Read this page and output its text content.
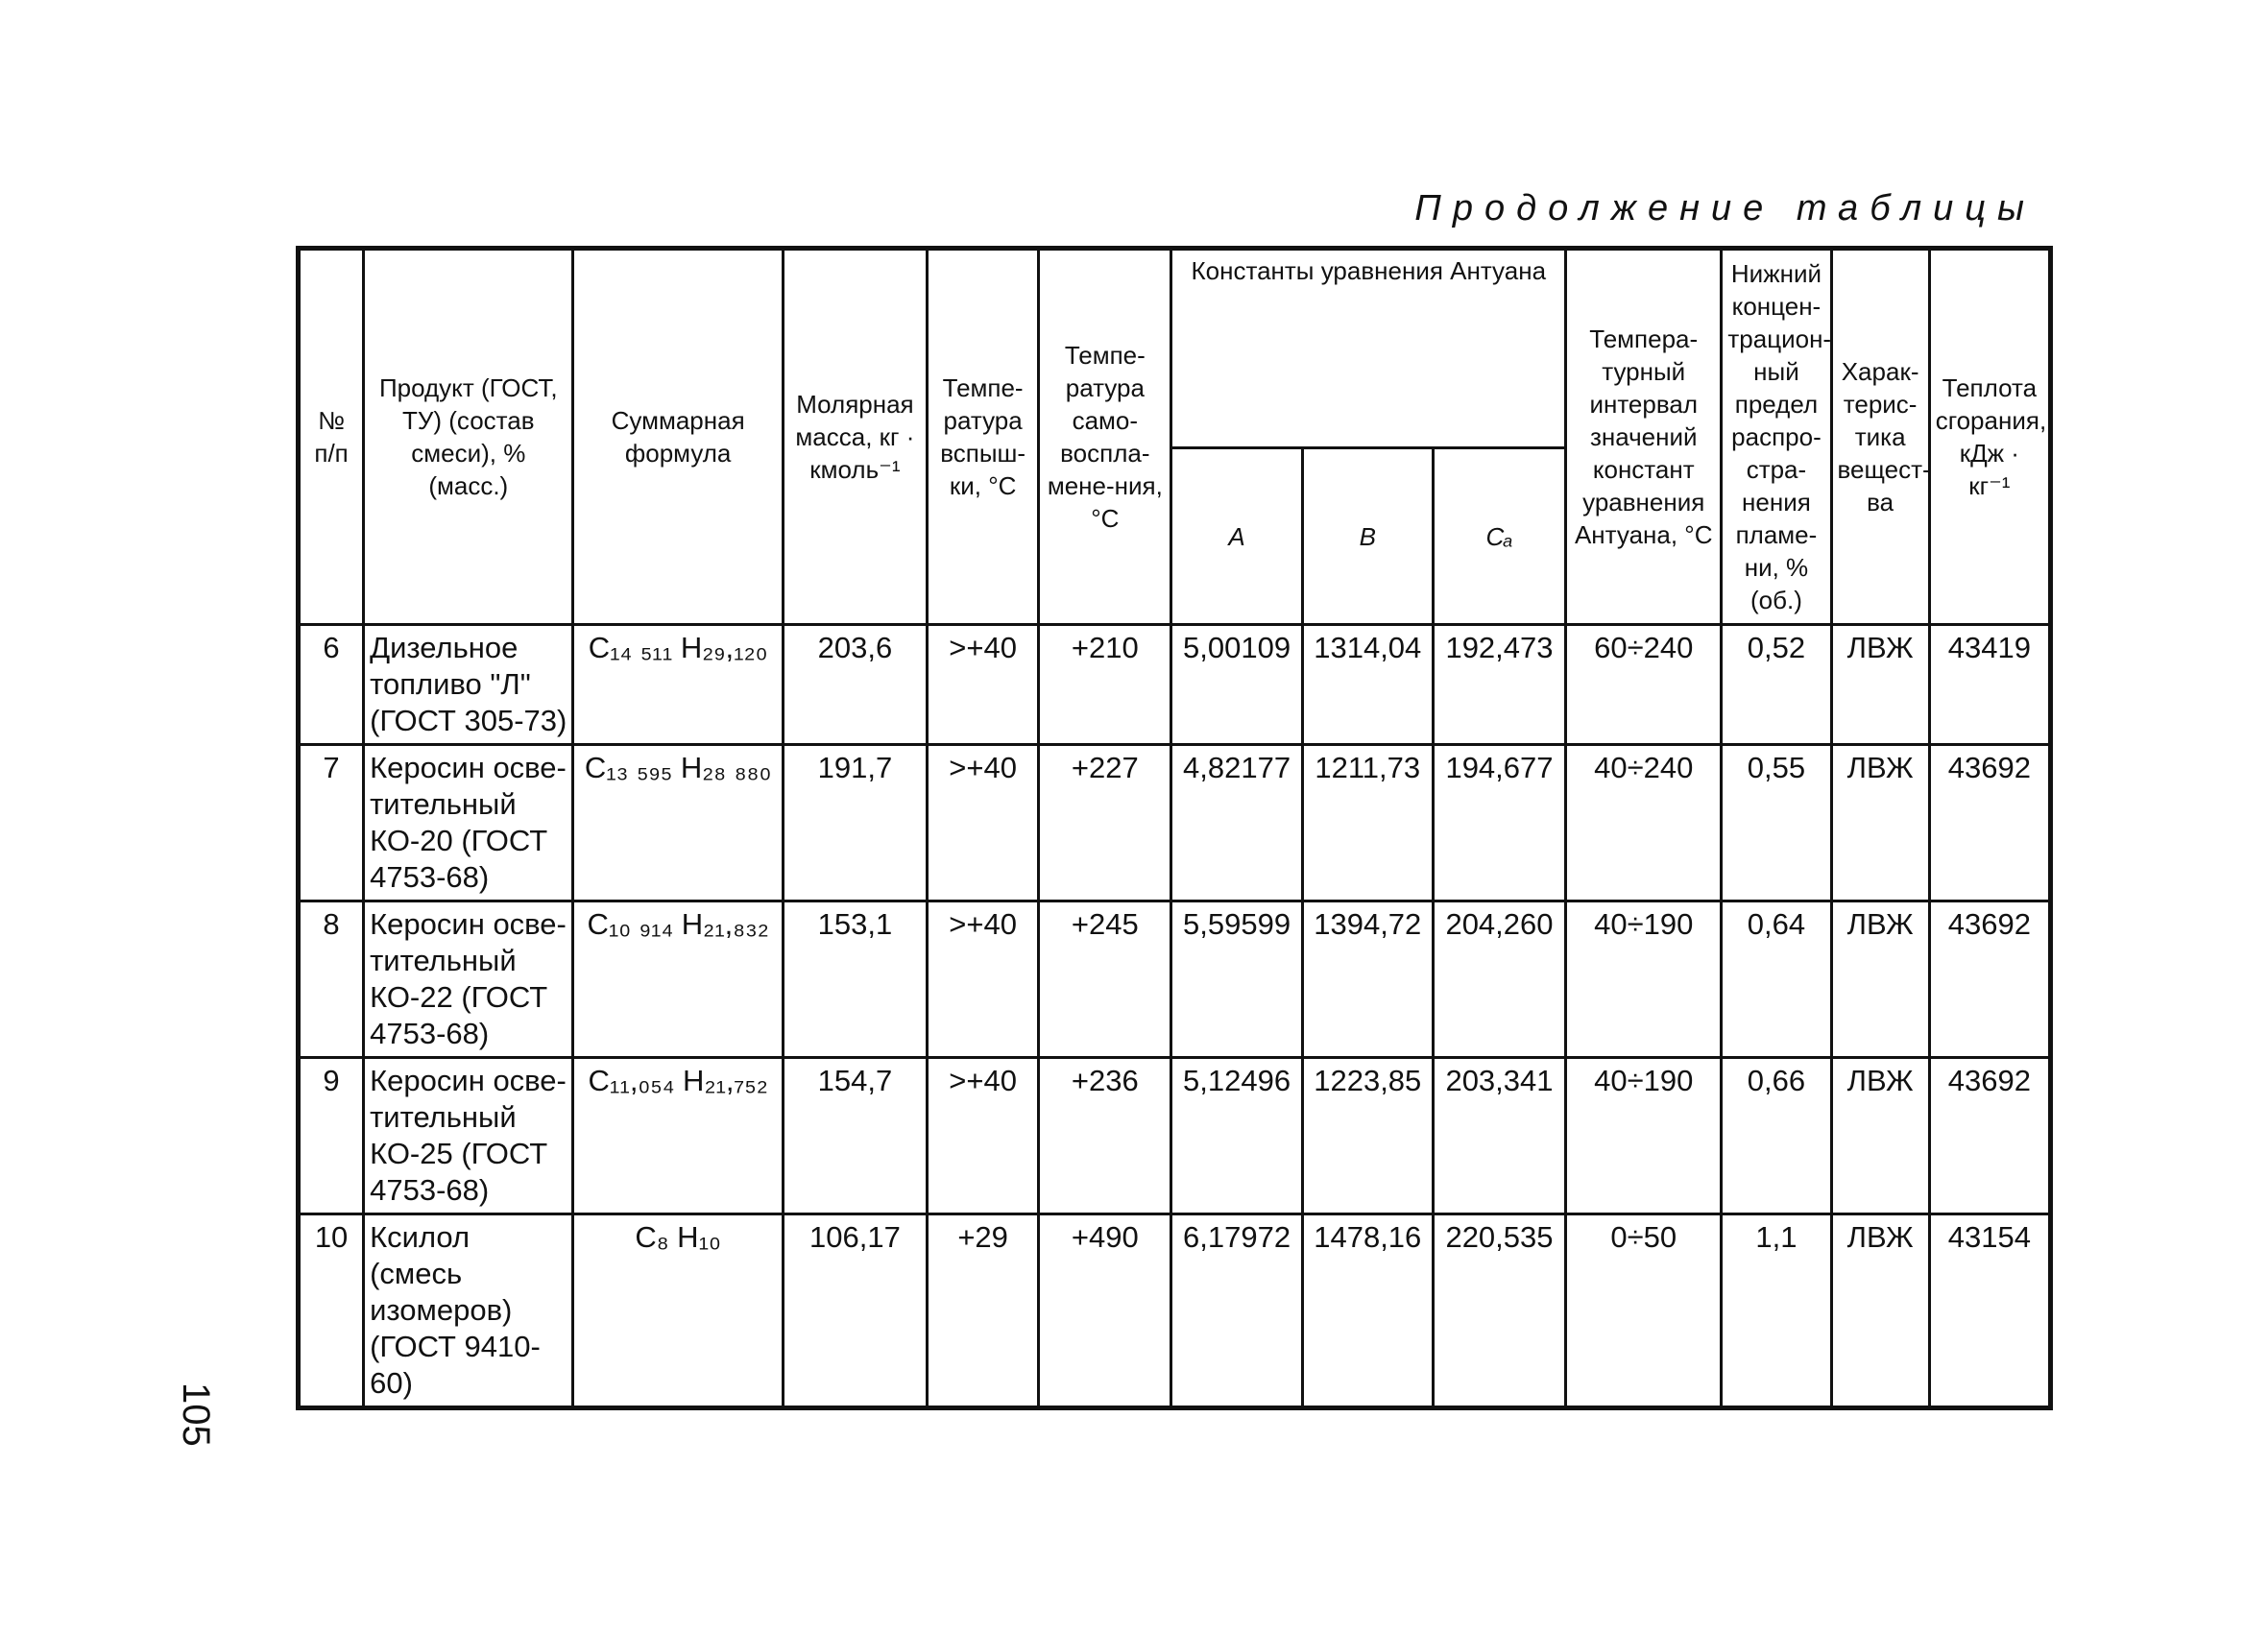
Продолжение таблицы
№ п/п	Продукт (ГОСТ, ТУ) (состав смеси), % (масс.)	Суммарная формула	Молярная масса, кг · кмоль⁻¹	Темпе-ратура вспыш-ки, °С	Темпе-ратура само-воспла-мене-ния, °С	Константы уравнения Антуана			Темпера-турный интервал значений констант уравнения Антуана, °С	Нижний концен-трацион-ный предел распро-стра-нения пламе-ни, % (об.)	Харак-терис-тика вещест-ва	Теплота сгорания, кДж · кг⁻¹
						A	B	Cₐ				
6	Дизельное топливо "Л" (ГОСТ 305-73)	C₁₄ ₅₁₁ H₂₉,₁₂₀	203,6	>+40	+210	5,00109	1314,04	192,473	60÷240	0,52	ЛВЖ	43419
7	Керосин осве-тительный КО-20 (ГОСТ 4753-68)	C₁₃ ₅₉₅ H₂₈ ₈₈₀	191,7	>+40	+227	4,82177	1211,73	194,677	40÷240	0,55	ЛВЖ	43692
8	Керосин осве-тительный КО-22 (ГОСТ 4753-68)	C₁₀ ₉₁₄ H₂₁,₈₃₂	153,1	>+40	+245	5,59599	1394,72	204,260	40÷190	0,64	ЛВЖ	43692
9	Керосин осве-тительный КО-25 (ГОСТ 4753-68)	C₁₁,₀₅₄ H₂₁,₇₅₂	154,7	>+40	+236	5,12496	1223,85	203,341	40÷190	0,66	ЛВЖ	43692
10	Ксилол (смесь изомеров) (ГОСТ 9410-60)	C₈ H₁₀	106,17	+29	+490	6,17972	1478,16	220,535	0÷50	1,1	ЛВЖ	43154
105
